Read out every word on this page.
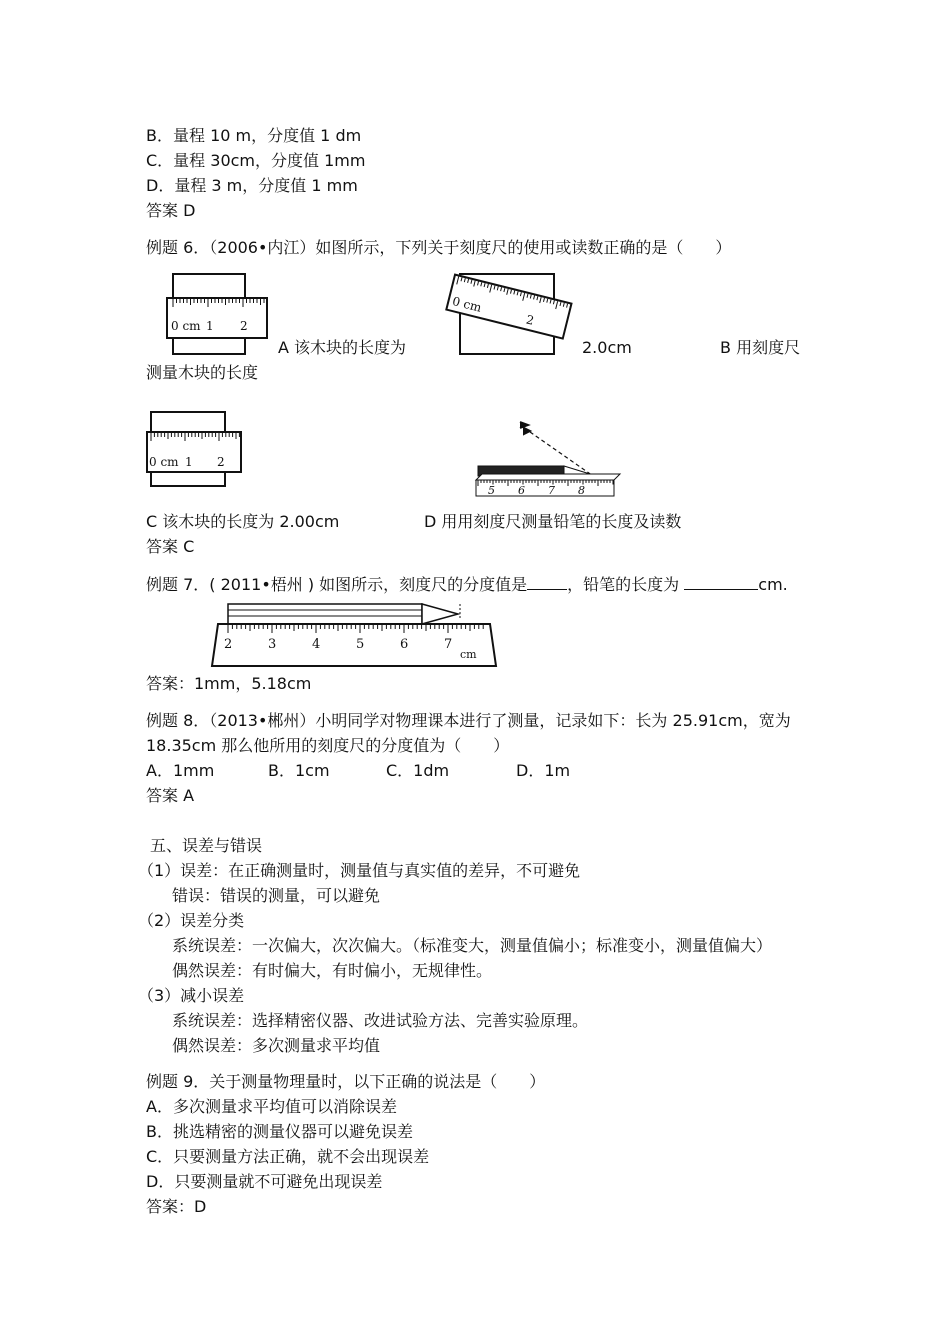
B．量程 10 m，分度值 1 dm
C．量程 30cm，分度值 1mm
D．量程 3 m，分度值 1 mm
答案 D
例题 6．（2006•内江）如图所示，下列关于刻度尺的使用或读数正确的是（　　）
0 cm 1 2
A 该木块的长度为
0 cm
2
2.0cm	B 用刻度尺
测量木块的长度
0 cm 1 2
5 6 7 8
C 该木块的长度为 2.00cm	D 用用刻度尺测量铅笔的长度及读数
答案 C
例题 7．( 2011•梧州 ) 如图所示，刻度尺的分度值是	，铅笔的长度为	cm.
2	3	4	5	6	7
cm
答案：1mm，5.18cm
例题 8．（2013•郴州）小明同学对物理课本进行了测量，记录如下：长为 25.91cm，宽为
18.35cm 那么他所用的刻度尺的分度值为（　　）
A．1mm	B．1cm	C．1dm	D．1m
答案 A
五、误差与错误
（1）误差：在正确测量时，测量值与真实值的差异，不可避免
错误：错误的测量，可以避免
（2）误差分类
系统误差：一次偏大，次次偏大。（标准变大，测量值偏小；标准变小，测量值偏大）
偶然误差：有时偏大，有时偏小，无规律性。
（3）减小误差
系统误差：选择精密仪器、改进试验方法、完善实验原理。
偶然误差：多次测量求平均值
例题 9．关于测量物理量时，以下正确的说法是（　　）
A．多次测量求平均值可以消除误差
B．挑选精密的测量仪器可以避免误差
C．只要测量方法正确，就不会出现误差
D．只要测量就不可避免出现误差
答案：D
